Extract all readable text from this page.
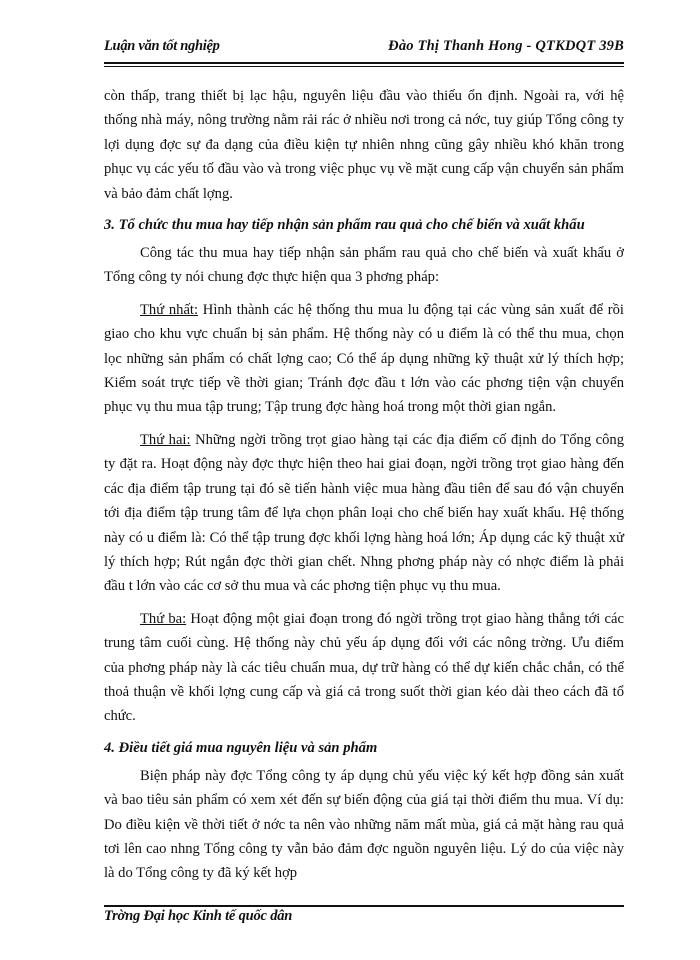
Luận văn tốt nghiệp	Đào Thị Thanh Hong - QTKDQT 39B

còn thấp, trang thiết bị lạc hậu, nguyên liệu đầu vào thiếu ổn định. Ngoài ra, với hệ thống nhà máy, nông trường nằm rải rác ở nhiều nơi trong cả nớc, tuy giúp Tổng công ty lợi dụng đợc sự đa dạng của điều kiện tự nhiên nhng cũng gây nhiều khó khăn trong phục vụ các yếu tố đầu vào và trong việc phục vụ về mặt cung cấp vận chuyển sản phẩm và bảo đảm chất lợng.

3. Tổ chức thu mua hay tiếp nhận sản phẩm rau quả cho chế biến và xuất khẩu

Công tác thu mua hay tiếp nhận sản phẩm rau quả cho chế biến và xuất khẩu ở Tổng công ty nói chung đợc thực hiện qua 3 phơng pháp:

Thứ nhất: Hình thành các hệ thống thu mua lu động tại các vùng sản xuất để rồi giao cho khu vực chuẩn bị sản phẩm. Hệ thống này có u điểm là có thể thu mua, chọn lọc những sản phẩm có chất lợng cao; Có thể áp dụng những kỹ thuật xử lý thích hợp; Kiểm soát trực tiếp về thời gian; Tránh đợc đầu t lớn vào các phơng tiện vận chuyển phục vụ thu mua tập trung; Tập trung đợc hàng hoá trong một thời gian ngắn.

Thứ hai: Những ngời trồng trọt giao hàng tại các địa điểm cố định do Tổng công ty đặt ra. Hoạt động này đợc thực hiện theo hai giai đoạn, ngời trồng trọt giao hàng đến các địa điểm tập trung tại đó sẽ tiến hành việc mua hàng đầu tiên để sau đó vận chuyển tới địa điểm tập trung tâm để lựa chọn phân loại cho chế biến hay xuất khẩu. Hệ thống này có u điểm là: Có thể tập trung đợc khối lợng hàng hoá lớn; Áp dụng các kỹ thuật xử lý thích hợp; Rút ngắn đợc thời gian chết. Nhng phơng pháp này có nhợc điểm là phải đầu t lớn vào các cơ sở thu mua và các phơng tiện phục vụ thu mua.

Thứ ba: Hoạt động một giai đoạn trong đó ngời trồng trọt giao hàng thẳng tới các trung tâm cuối cùng. Hệ thống này chủ yếu áp dụng đối với các nông trờng. Ưu điểm của phơng pháp này là các tiêu chuẩn mua, dự trữ hàng có thể dự kiến chắc chắn, có thể thoả thuận về khối lợng cung cấp và giá cả trong suốt thời gian kéo dài theo cách đã tổ chức.

4. Điều tiết giá mua nguyên liệu và sản phẩm

Biện pháp này đợc Tổng công ty áp dụng chủ yếu việc ký kết hợp đồng sản xuất và bao tiêu sản phẩm có xem xét đến sự biến động của giá tại thời điểm thu mua. Ví dụ: Do điều kiện về thời tiết ở nớc ta nên vào những năm mất mùa, giá cả mặt hàng rau quả tơi lên cao nhng Tổng công ty vẫn bảo đảm đợc nguồn nguyên liệu. Lý do của việc này là do Tổng công ty đã ký kết hợp

Trờng Đại học Kinh tế quốc dân
